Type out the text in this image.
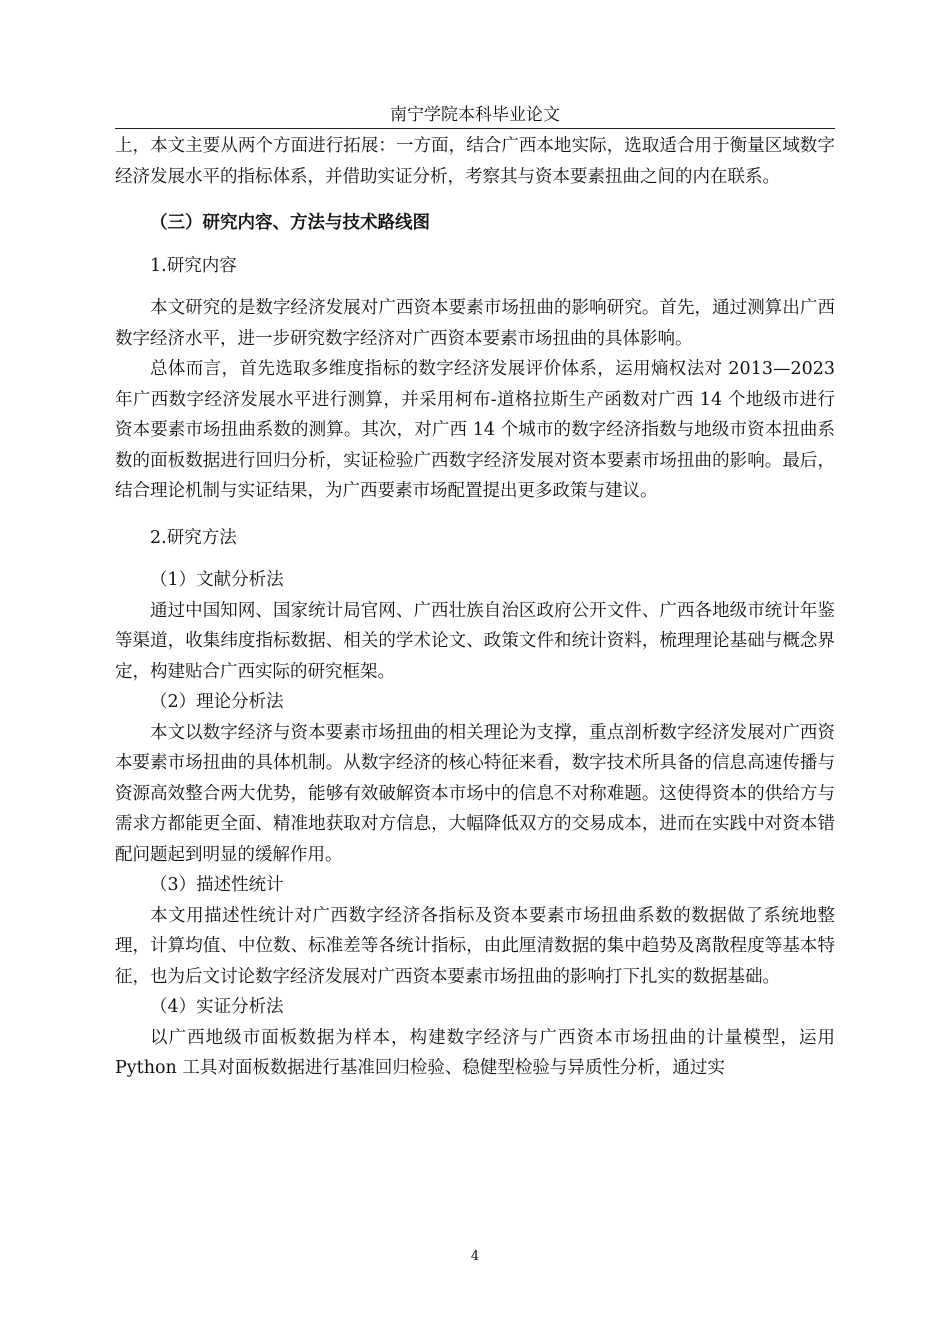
南宁学院本科毕业论文

上，本文主要从两个方面进行拓展：一方面，结合广西本地实际，选取适合用于衡量区域数字经济发展水平的指标体系，并借助实证分析，考察其与资本要素扭曲之间的内在联系。

（三）研究内容、方法与技术路线图

1.研究内容

本文研究的是数字经济发展对广西资本要素市场扭曲的影响研究。首先，通过测算出广西数字经济水平，进一步研究数字经济对广西资本要素市场扭曲的具体影响。

总体而言，首先选取多维度指标的数字经济发展评价体系，运用熵权法对 2013—2023 年广西数字经济发展水平进行测算，并采用柯布-道格拉斯生产函数对广西 14 个地级市进行资本要素市场扭曲系数的测算。其次，对广西 14 个城市的数字经济指数与地级市资本扭曲系数的面板数据进行回归分析，实证检验广西数字经济发展对资本要素市场扭曲的影响。最后，结合理论机制与实证结果，为广西要素市场配置提出更多政策与建议。

2.研究方法

（1）文献分析法

通过中国知网、国家统计局官网、广西壮族自治区政府公开文件、广西各地级市统计年鉴等渠道，收集纬度指标数据、相关的学术论文、政策文件和统计资料，梳理理论基础与概念界定，构建贴合广西实际的研究框架。

（2）理论分析法

本文以数字经济与资本要素市场扭曲的相关理论为支撑，重点剖析数字经济发展对广西资本要素市场扭曲的具体机制。从数字经济的核心特征来看，数字技术所具备的信息高速传播与资源高效整合两大优势，能够有效破解资本市场中的信息不对称难题。这使得资本的供给方与需求方都能更全面、精准地获取对方信息，大幅降低双方的交易成本，进而在实践中对资本错配问题起到明显的缓解作用。

（3）描述性统计

本文用描述性统计对广西数字经济各指标及资本要素市场扭曲系数的数据做了系统地整理，计算均值、中位数、标准差等各统计指标，由此厘清数据的集中趋势及离散程度等基本特征，也为后文讨论数字经济发展对广西资本要素市场扭曲的影响打下扎实的数据基础。

（4）实证分析法

以广西地级市面板数据为样本，构建数字经济与广西资本市场扭曲的计量模型，运用 Python 工具对面板数据进行基准回归检验、稳健型检验与异质性分析，通过实

4
